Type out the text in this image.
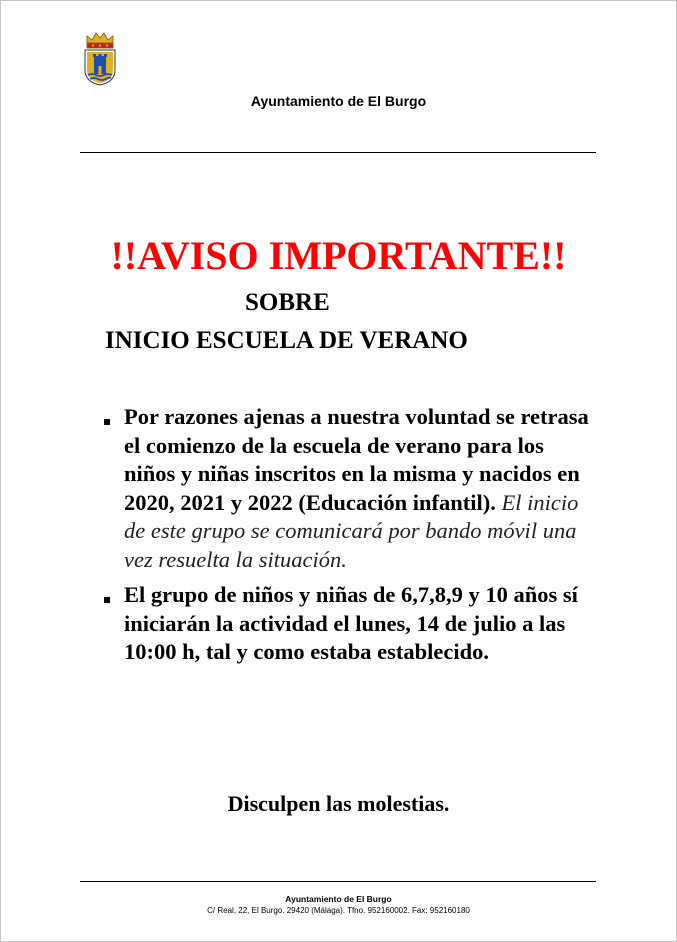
Ayuntamiento de El Burgo
!!AVISO IMPORTANTE!!
SOBRE
INICIO ESCUELA DE VERANO
Por razones ajenas a nuestra voluntad se retrasa el comienzo de la escuela de verano para los niños y niñas inscritos en la misma y nacidos en 2020, 2021 y 2022 (Educación infantil). El inicio de este grupo se comunicará por bando móvil una vez resuelta la situación.
El grupo de niños y niñas de 6,7,8,9 y 10 años sí iniciarán la actividad el lunes, 14 de julio a las 10:00 h, tal y como estaba establecido.
Disculpen las molestias.
Ayuntamiento de El Burgo
C/ Real, 22, El Burgo. 29420 (Málaga). Tfno. 952160002. Fax: 952160180
